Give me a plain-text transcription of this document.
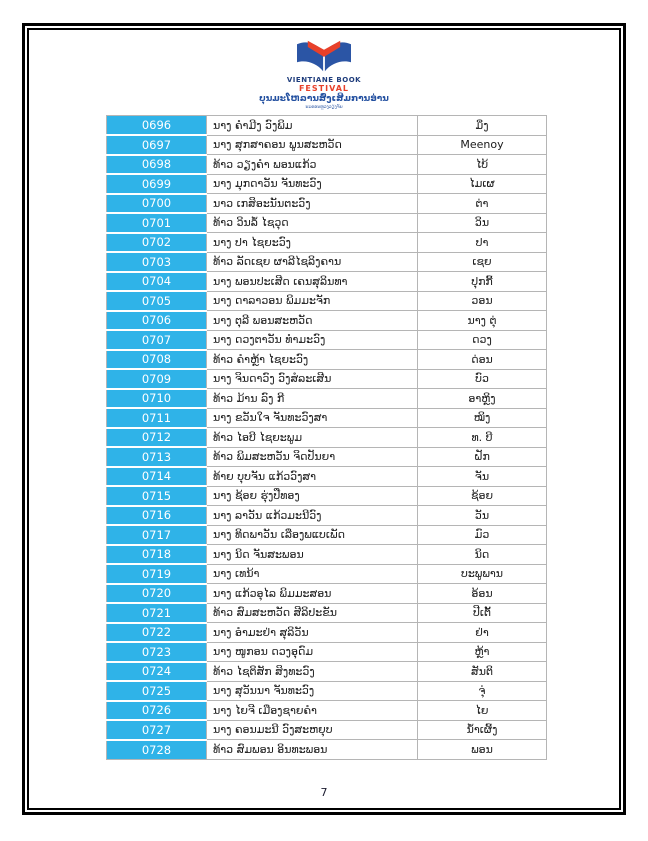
VIENTIANE BOOK
FESTIVAL
ບຸນມະໂຫລານສົ່ງເສີມການອ່ານ
ນະຄອນຫຼວງວຽງຈັນ
0696	ນາງ ຄຳມີງ ວົງພິມ	ມິ່ງ
0697	ນາງ ສຸກສາຄອນ ພູນສະຫວັດ	Meenoy
0698	ທ້າວ ວຽງຄຳ ພອນແກ້ວ	ໄບ້
0699	ນາງ ມຸກດາວັນ ຈັນທະວົງ	ໄມເຜ
0700	ນາວ ເກສິອະນັນຕະວົງ	ຕ່າ
0701	ທ້າວ ວິນລໍ້ ໄຊວຸດ	ວິນ
0702	ນາງ ປາ ໄຊຍະວົງ	ປາ
0703	ທ້າວ ລັດເຊຍ ຜາລີໄຊລິງຄານ	ເຊຍ
0704	ນາງ ພອນປະເສີດ ເຄນສຸລິນທາ	ປຸກກີ້
0705	ນາງ ດາລາວອນ ພິມມະຈັກ	ວອນ
0706	ນາງ ຕຸລີ ພອນສະຫວັດ	ນາງ ຕຸ່
0707	ນາງ ດວງຕາວັນ ທຳມະວົງ	ດວງ
0708	ທ້າວ ຄຳຫຼ້າ ໄຊຍະວົງ	ດ່ອນ
0709	ນາງ ຈິນດາວົງ ວົງສໍລະເສີນ	ບົວ
0710	ທ້າວ ມ້ານ ລົງ ກີ	ອາຫຼິງ
0711	ນາງ ຂວັນໃຈ ຈັນທະວົງສາ	ໝິງ
0712	ທ້າວ ໄອບີ ໄຊຍະພູມ	ທ. ບີ
0713	ທ້າວ ພິມສະຫວັນ ຈິດປັນຍາ	ຝັກ
0714	ທ້າຍ ບຸບຈັນ ແກ້ວວົງສາ	ຈັນ
0715	ນາງ ຊ້ອຍ ຮຸ່ງປືທອງ	ຊ້ອຍ
0716	ນາງ ລາວັນ ແກ້ວມະນີວົງ	ວັນ
0717	ນາງ ທິດພາວັນ ເລືອງພແບເພັດ	ມົວ
0718	ນາງ ນິດ ຈັນສະພອນ	ນິດ
0719	ນາງ ເທນ້າ	ບະພູພານ
0720	ນາງ ແກ້ວອຸໄລ ພິມມະສອນ	ອ້ອນ
0721	ທ້າວ ສົມສະຫວັດ ສີລິປະຂັນ	ປີເຕັ້
0722	ນາງ ອຳມະຢ່າ ສຸລິວັນ	ຢ່າ
0723	ນາງ ໜູກອນ ດວງອຸດົມ	ຫຼ້າ
0724	ທ້າວ ໄຊຕິສັກ ສິງທະວົງ	ສັນຕິ
0725	ນາງ ສຸວັນນາ ຈັນທະວົງ	ຈຸ່
0726	ນາງ ໄຍຈີ ເມືອງຊາຍຄຳ	ໄຍ
0727	ນາງ ຄອນມະນີ ວົງສະຫຍຸບ	ນ້ຳເຜິ້ງ
0728	ທ້າວ ສົມພອນ ອິນທະພອນ	ພອນ
7
